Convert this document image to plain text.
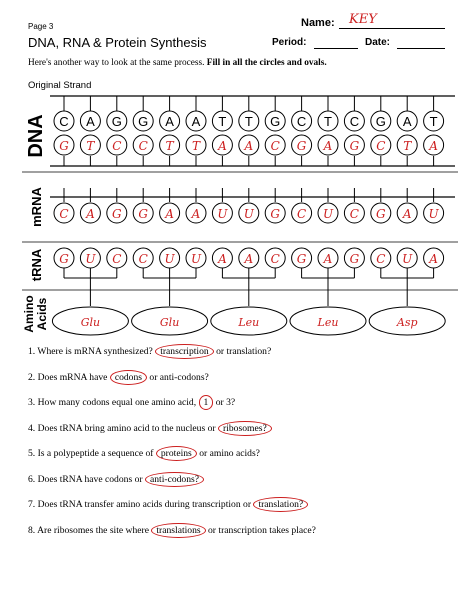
Page 3
DNA, RNA & Protein Synthesis
Name: KEY
Period:	Date:
Here's another way to look at the same process. Fill in all the circles and ovals.
Original Strand
DNA
mRNA
tRNA
Amino Acids
C A G G A A T T G C T C G A T
G T C C T T A A C G A G C T A
C A G G A A U U G C U C G A U
G U C C U U A A C G A G C U A
Glu	Glu	Leu	Leu	Asp
1. Where is mRNA synthesized? transcription or translation?
2. Does mRNA have codons or anti-codons?
3. How many codons equal one amino acid, 1 or 3?
4. Does tRNA bring amino acid to the nucleus or ribosomes?
5. Is a polypeptide a sequence of proteins or amino acids?
6. Does tRNA have codons or anti-codons?
7. Does tRNA transfer amino acids during transcription or translation?
8. Are ribosomes the site where translations or transcription takes place?
